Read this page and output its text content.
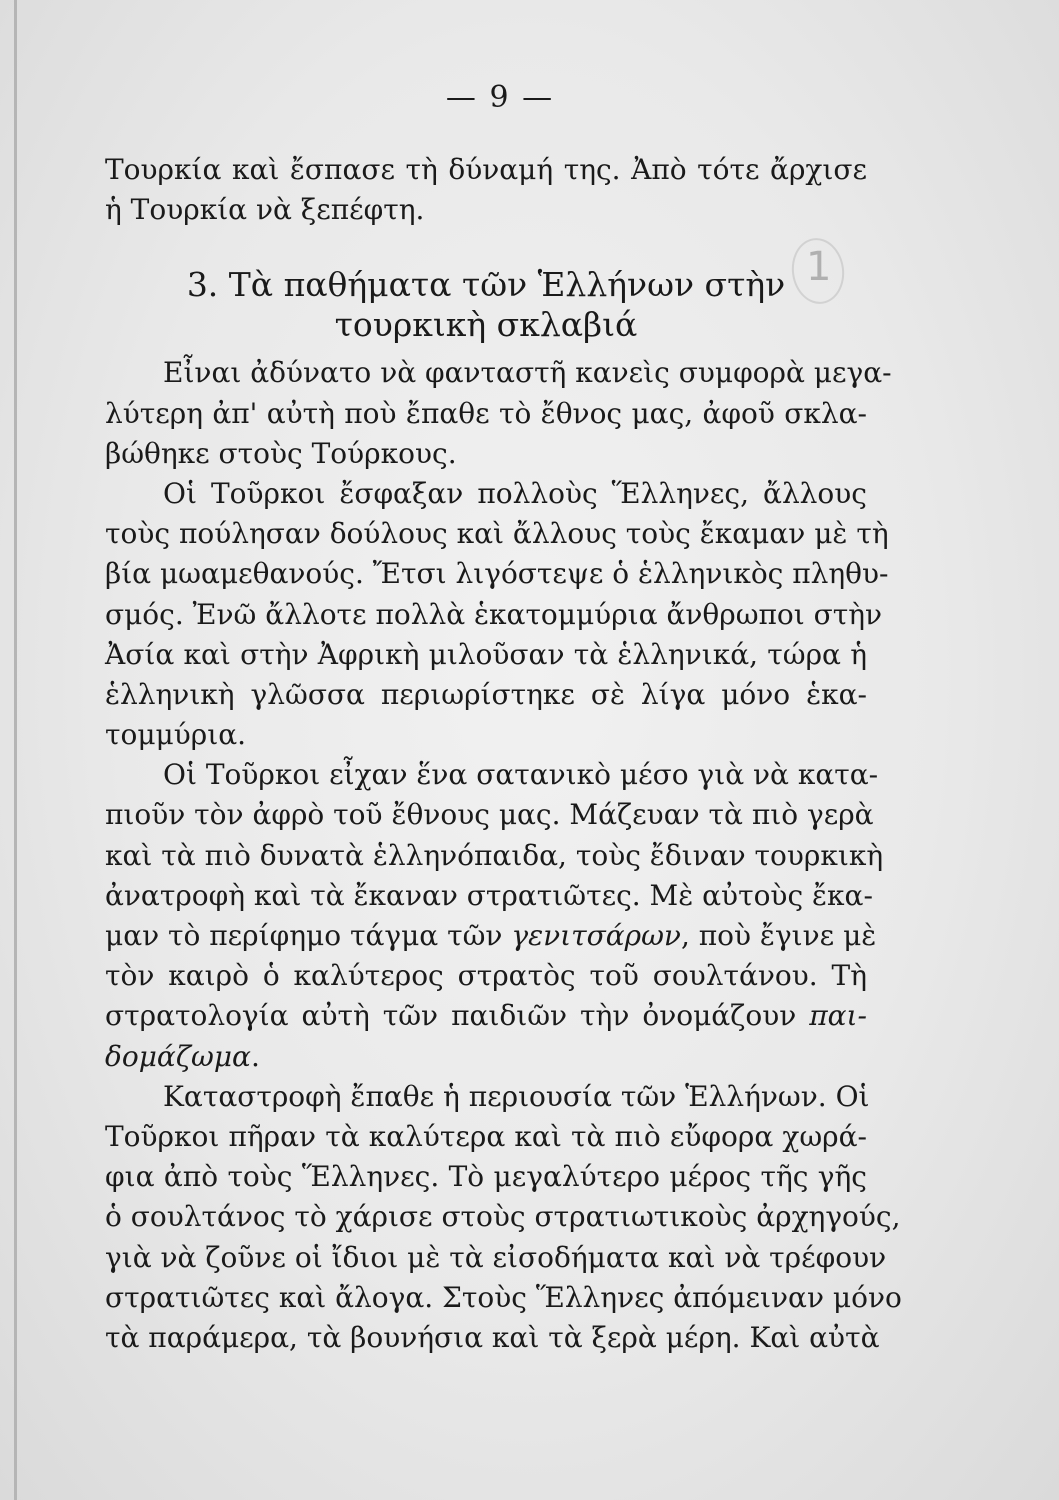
— 9 —
1
Τουρκία καὶ ἔσπασε τὴ δύναμή της. Ἀπὸ τότε ἄρχισε
ἡ Τουρκία νὰ ξεπέφτη.
3. Τὰ παθήματα τῶν Ἑλλήνων στὴν
τουρκικὴ σκλαβιά
Εἶναι ἀδύνατο νὰ φανταστῆ κανεὶς συμφορὰ μεγα-
λύτερη ἀπ' αὐτὴ ποὺ ἔπαθε τὸ ἔθνος μας, ἀφοῦ σκλα-
βώθηκε στοὺς Τούρκους.
Οἱ Τοῦρκοι ἔσφαξαν πολλοὺς Ἕλληνες, ἄλλους
τοὺς πούλησαν δούλους καὶ ἄλλους τοὺς ἔκαμαν μὲ τὴ
βία μωαμεθανούς. Ἔτσι λιγόστεψε ὁ ἑλληνικὸς πληθυ-
σμός. Ἐνῶ ἄλλοτε πολλὰ ἑκατομμύρια ἄνθρωποι στὴν
Ἀσία καὶ στὴν Ἀφρικὴ μιλοῦσαν τὰ ἑλληνικά, τώρα ἡ
ἑλληνικὴ γλῶσσα περιωρίστηκε σὲ λίγα μόνο ἑκα-
τομμύρια.
Οἱ Τοῦρκοι εἶχαν ἕνα σατανικὸ μέσο γιὰ νὰ κατα-
πιοῦν τὸν ἀφρὸ τοῦ ἔθνους μας. Μάζευαν τὰ πιὸ γερὰ
καὶ τὰ πιὸ δυνατὰ ἑλληνόπαιδα, τοὺς ἔδιναν τουρκικὴ
ἀνατροφὴ καὶ τὰ ἔκαναν στρατιῶτες. Μὲ αὐτοὺς ἔκα-
μαν τὸ περίφημο τάγμα τῶν γενιτσάρων, ποὺ ἔγινε μὲ
τὸν καιρὸ ὁ καλύτερος στρατὸς τοῦ σουλτάνου. Τὴ
στρατολογία αὐτὴ τῶν παιδιῶν τὴν ὀνομάζουν παι-
δομάζωμα.
Καταστροφὴ ἔπαθε ἡ περιουσία τῶν Ἑλλήνων. Οἱ
Τοῦρκοι πῆραν τὰ καλύτερα καὶ τὰ πιὸ εὔφορα χωρά-
φια ἀπὸ τοὺς Ἕλληνες. Τὸ μεγαλύτερο μέρος τῆς γῆς
ὁ σουλτάνος τὸ χάρισε στοὺς στρατιωτικοὺς ἀρχηγούς,
γιὰ νὰ ζοῦνε οἱ ἴδιοι μὲ τὰ εἰσοδήματα καὶ νὰ τρέφουν
στρατιῶτες καὶ ἄλογα. Στοὺς Ἕλληνες ἀπόμειναν μόνο
τὰ παράμερα, τὰ βουνήσια καὶ τὰ ξερὰ μέρη. Καὶ αὐτὰ
